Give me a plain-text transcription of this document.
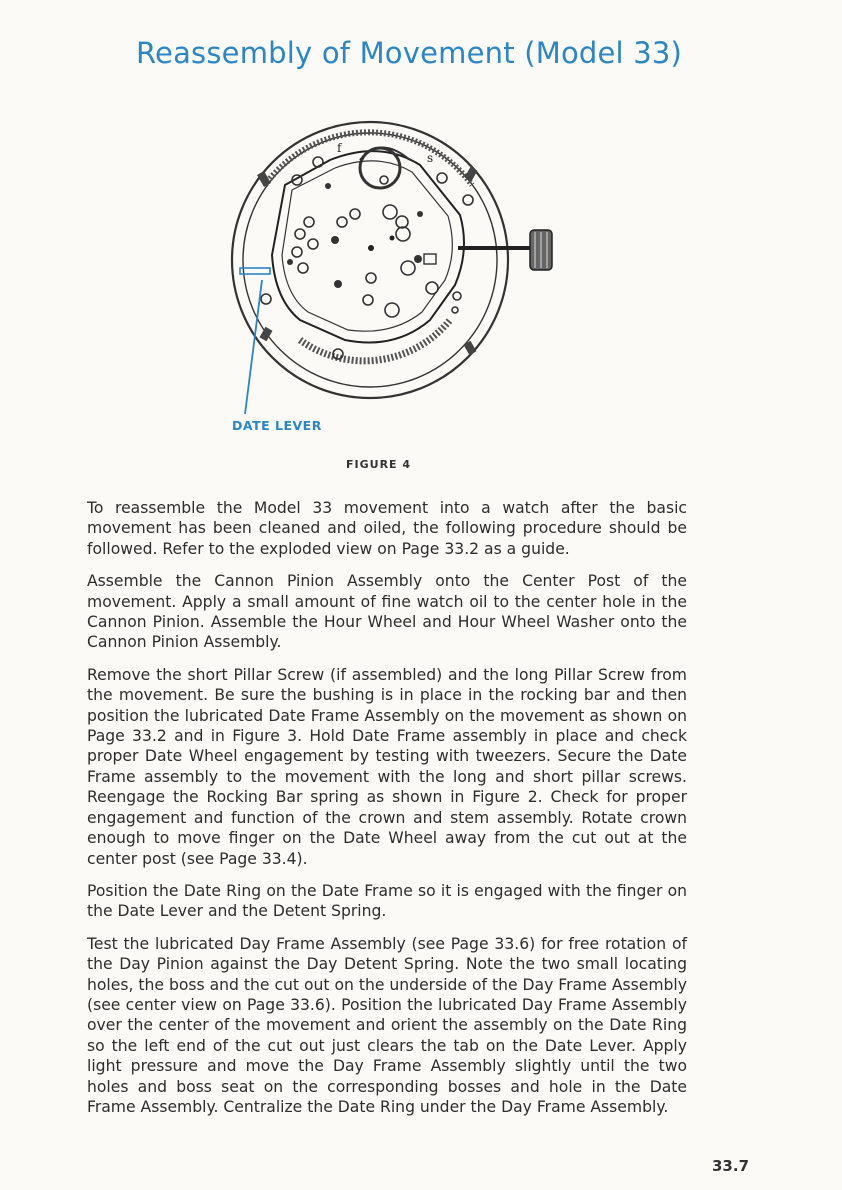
Reassembly of Movement (Model 33)
f
s
DATE LEVER
FIGURE 4

To reassemble the Model 33 movement into a watch after the basic movement has been cleaned and oiled, the following procedure should be followed. Refer to the exploded view on Page 33.2 as a guide.

Assemble the Cannon Pinion Assembly onto the Center Post of the movement. Apply a small amount of fine watch oil to the center hole in the Cannon Pinion. Assemble the Hour Wheel and Hour Wheel Washer onto the Cannon Pinion Assembly.

Remove the short Pillar Screw (if assembled) and the long Pillar Screw from the movement. Be sure the bushing is in place in the rocking bar and then position the lubricated Date Frame Assembly on the movement as shown on Page 33.2 and in Figure 3. Hold Date Frame assembly in place and check proper Date Wheel engagement by testing with tweezers. Secure the Date Frame assembly to the movement with the long and short pillar screws. Reengage the Rocking Bar spring as shown in Figure 2. Check for proper engagement and function of the crown and stem assembly. Rotate crown enough to move finger on the Date Wheel away from the cut out at the center post (see Page 33.4).

Position the Date Ring on the Date Frame so it is engaged with the finger on the Date Lever and the Detent Spring.

Test the lubricated Day Frame Assembly (see Page 33.6) for free rotation of the Day Pinion against the Day Detent Spring. Note the two small locating holes, the boss and the cut out on the underside of the Day Frame Assembly (see center view on Page 33.6). Position the lubricated Day Frame Assembly over the center of the movement and orient the assembly on the Date Ring so the left end of the cut out just clears the tab on the Date Lever. Apply light pressure and move the Day Frame Assembly slightly until the two holes and boss seat on the corresponding bosses and hole in the Date Frame Assembly. Centralize the Date Ring under the Day Frame Assembly.

33.7
